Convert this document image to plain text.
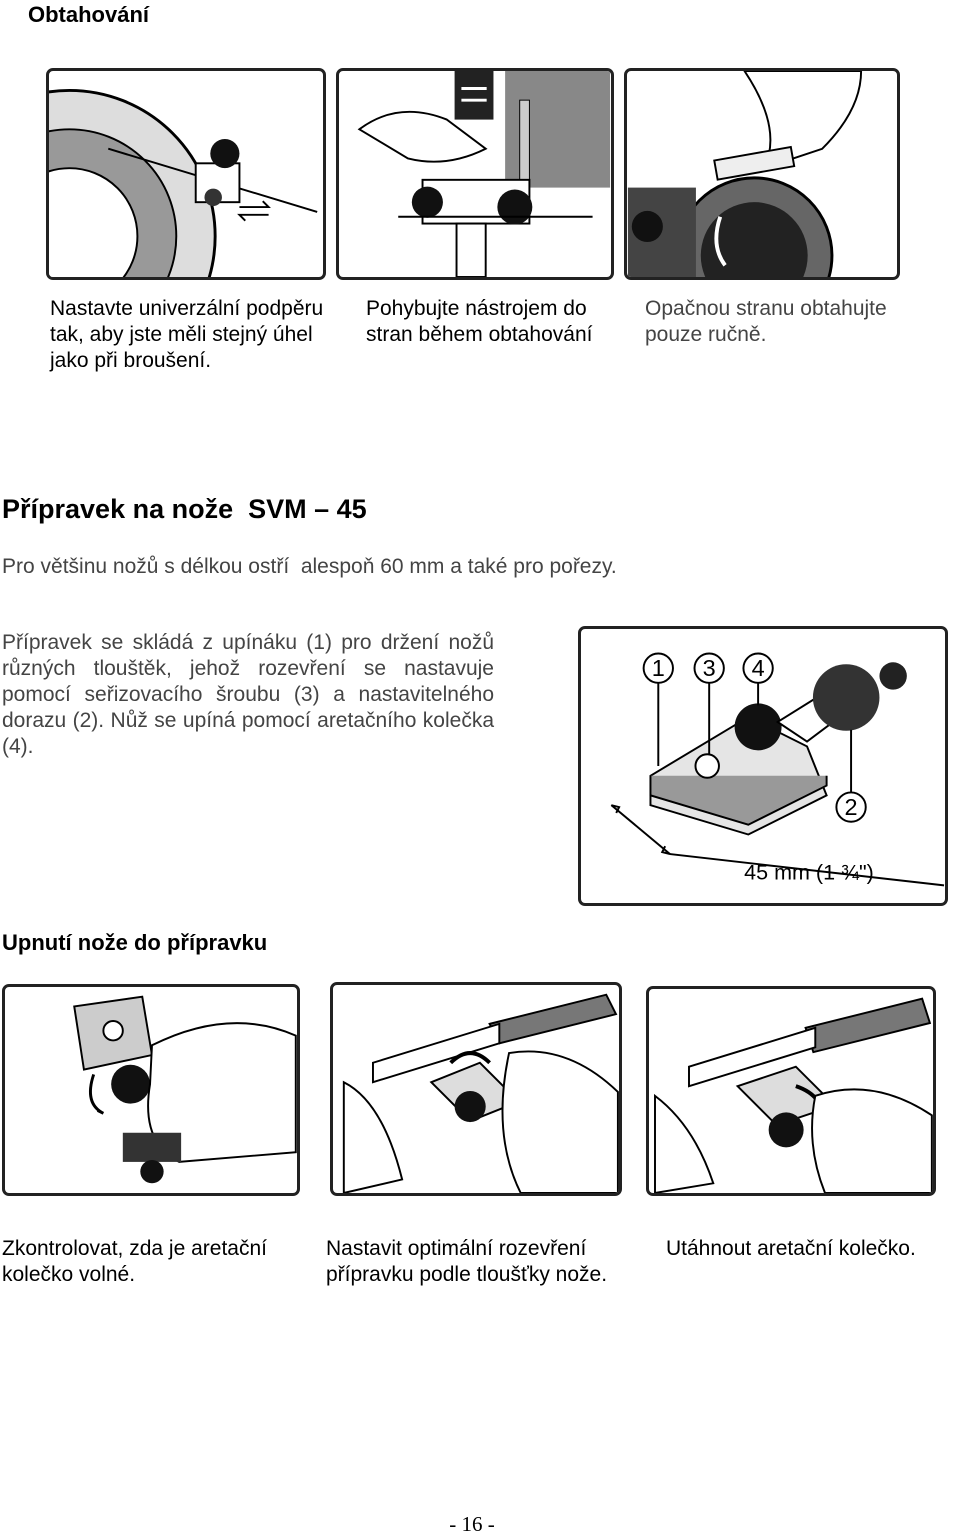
Obtahování
Nastavte univerzální podpěru tak, aby jste měli stejný úhel jako při broušení.
Pohybujte nástrojem do stran během obtahování
Opačnou stranu obtahujte pouze ručně.
Přípravek na nože  SVM – 45
Pro většinu nožů s délkou ostří  alespoň 60 mm a také pro pořezy.
Přípravek se skládá z upínáku (1) pro držení nožů různých tlouštěk, jehož rozevření se nastavuje pomocí seřizovacího šroubu (3) a nastavitelného dorazu (2). Nůž se upíná pomocí aretačního kolečka (4).
1 3 4
2
45 mm (1 ¾")
Upnutí nože do přípravku
Zkontrolovat, zda je aretační kolečko volné.
Nastavit optimální rozevření přípravku podle tloušťky nože.
Utáhnout aretační kolečko.
- 16 -
